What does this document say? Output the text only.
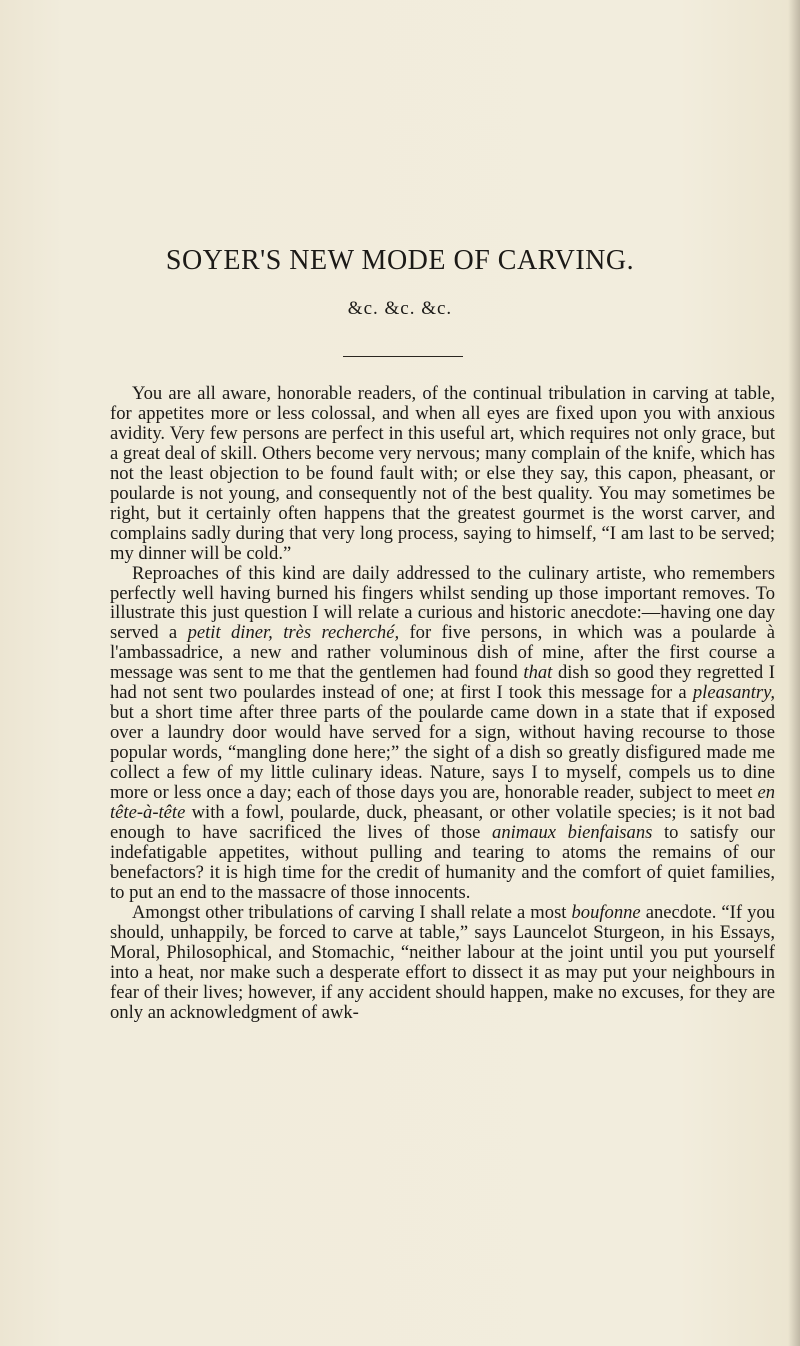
SOYER'S NEW MODE OF CARVING.
&c. &c. &c.

You are all aware, honorable readers, of the continual tribulation in carving at table, for appetites more or less colossal, and when all eyes are fixed upon you with anxious avidity. Very few persons are perfect in this useful art, which requires not only grace, but a great deal of skill. Others become very nervous; many complain of the knife, which has not the least objection to be found fault with; or else they say, this capon, pheasant, or poularde is not young, and consequently not of the best quality. You may sometimes be right, but it certainly often happens that the greatest gourmet is the worst carver, and complains sadly during that very long process, saying to himself, “I am last to be served; my dinner will be cold.”

Reproaches of this kind are daily addressed to the culinary artiste, who remembers perfectly well having burned his fingers whilst sending up those important removes. To illustrate this just question I will relate a curious and historic anecdote:—having one day served a petit diner, très recherché, for five persons, in which was a poularde à l'ambassadrice, a new and rather voluminous dish of mine, after the first course a message was sent to me that the gentlemen had found that dish so good they regretted I had not sent two poulardes instead of one; at first I took this message for a pleasantry, but a short time after three parts of the poularde came down in a state that if exposed over a laundry door would have served for a sign, without having recourse to those popular words, “mangling done here;” the sight of a dish so greatly disfigured made me collect a few of my little culinary ideas. Nature, says I to myself, compels us to dine more or less once a day; each of those days you are, honorable reader, subject to meet en tête-à-tête with a fowl, poularde, duck, pheasant, or other volatile species; is it not bad enough to have sacrificed the lives of those animaux bienfaisans to satisfy our indefatigable appetites, without pulling and tearing to atoms the remains of our benefactors? it is high time for the credit of humanity and the comfort of quiet families, to put an end to the massacre of those innocents.

Amongst other tribulations of carving I shall relate a most boufonne anecdote. “If you should, unhappily, be forced to carve at table,” says Launcelot Sturgeon, in his Essays, Moral, Philosophical, and Stomachic, “neither labour at the joint until you put yourself into a heat, nor make such a desperate effort to dissect it as may put your neighbours in fear of their lives; however, if any accident should happen, make no excuses, for they are only an acknowledgment of awk-
